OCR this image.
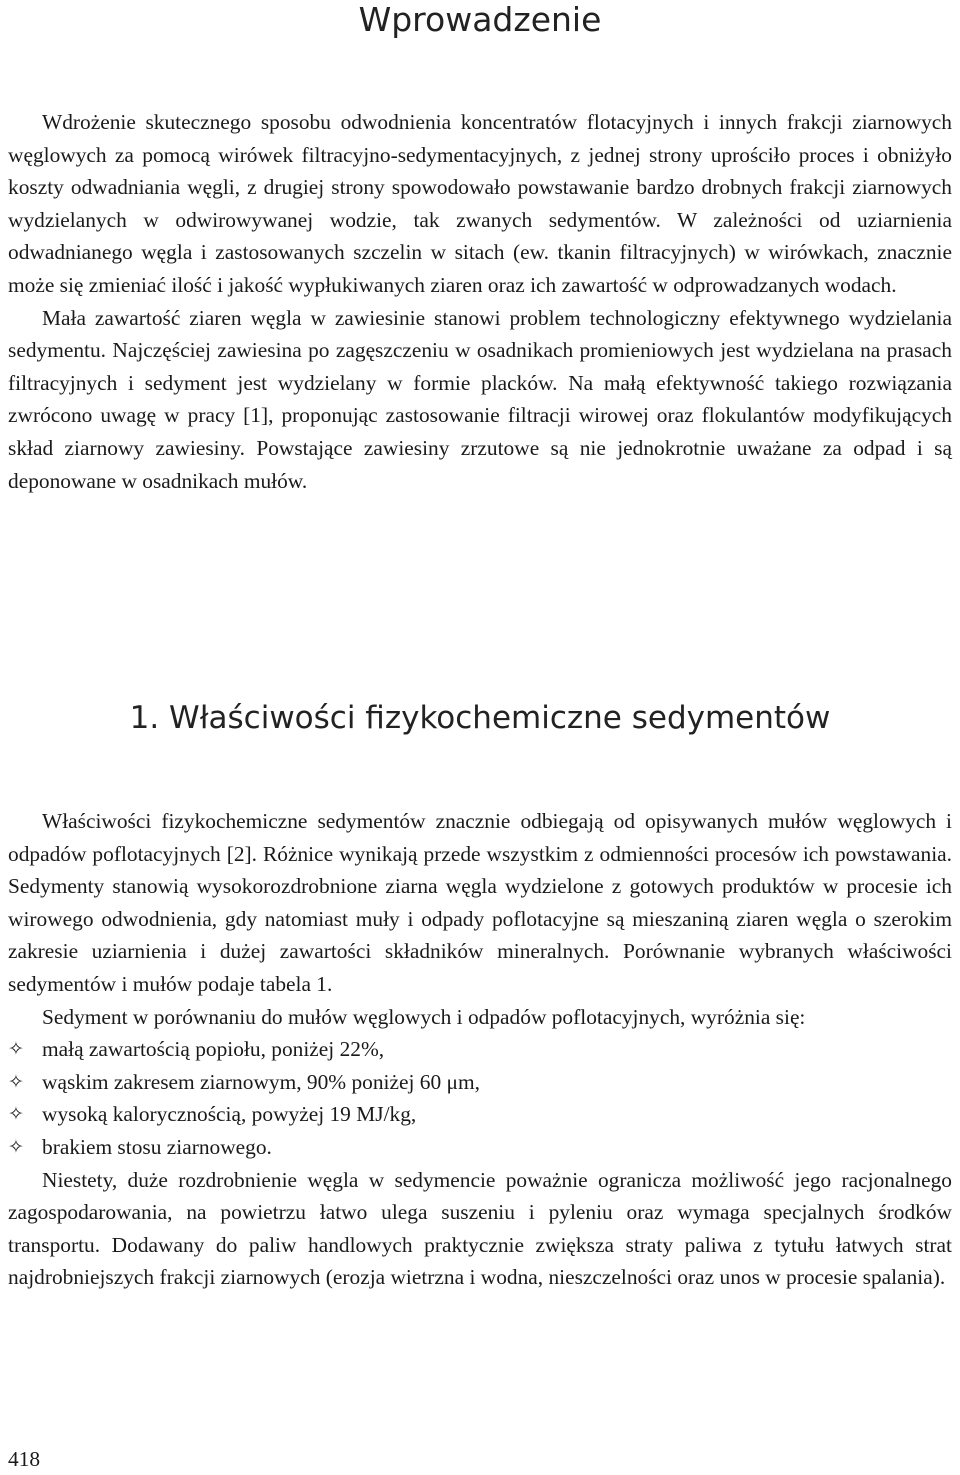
Wprowadzenie

Wdrożenie skutecznego sposobu odwodnienia koncentratów flotacyjnych i innych frakcji ziarnowych węglowych za pomocą wirówek filtracyjno-sedymentacyjnych, z jednej strony uprościło proces i obniżyło koszty odwadniania węgli, z drugiej strony spowodowało powstawanie bardzo drobnych frakcji ziarnowych wydzielanych w odwirowywanej wodzie, tak zwanych sedymentów. W zależności od uziarnienia odwadnianego węgla i zastosowanych szczelin w sitach (ew. tkanin filtracyjnych) w wirówkach, znacznie może się zmieniać ilość i jakość wypłukiwanych ziaren oraz ich zawartość w odprowadzanych wodach.

Mała zawartość ziaren węgla w zawiesinie stanowi problem technologiczny efektywnego wydzielania sedymentu. Najczęściej zawiesina po zagęszczeniu w osadnikach promieniowych jest wydzielana na prasach filtracyjnych i sedyment jest wydzielany w formie placków. Na małą efektywność takiego rozwiązania zwrócono uwagę w pracy [1], proponując zastosowanie filtracji wirowej oraz flokulantów modyfikujących skład ziarnowy zawiesiny. Powstające zawiesiny zrzutowe są nie jednokrotnie uważane za odpad i są deponowane w osadnikach mułów.

1. Właściwości fizykochemiczne sedymentów

Właściwości fizykochemiczne sedymentów znacznie odbiegają od opisywanych mułów węglowych i odpadów poflotacyjnych [2]. Różnice wynikają przede wszystkim z odmienności procesów ich powstawania. Sedymenty stanowią wysokorozdrobnione ziarna węgla wydzielone z gotowych produktów w procesie ich wirowego odwodnienia, gdy natomiast muły i odpady poflotacyjne są mieszaniną ziaren węgla o szerokim zakresie uziarnienia i dużej zawartości składników mineralnych. Porównanie wybranych właściwości sedymentów i mułów podaje tabela 1.

Sedyment w porównaniu do mułów węglowych i odpadów poflotacyjnych, wyróżnia się:

✧ małą zawartością popiołu, poniżej 22%,
✧ wąskim zakresem ziarnowym, 90% poniżej 60 μm,
✧ wysoką kalorycznością, powyżej 19 MJ/kg,
✧ brakiem stosu ziarnowego.

Niestety, duże rozdrobnienie węgla w sedymencie poważnie ogranicza możliwość jego racjonalnego zagospodarowania, na powietrzu łatwo ulega suszeniu i pyleniu oraz wymaga specjalnych środków transportu. Dodawany do paliw handlowych praktycznie zwiększa straty paliwa z tytułu łatwych strat najdrobniejszych frakcji ziarnowych (erozja wietrzna i wodna, nieszczelności oraz unos w procesie spalania).

418
